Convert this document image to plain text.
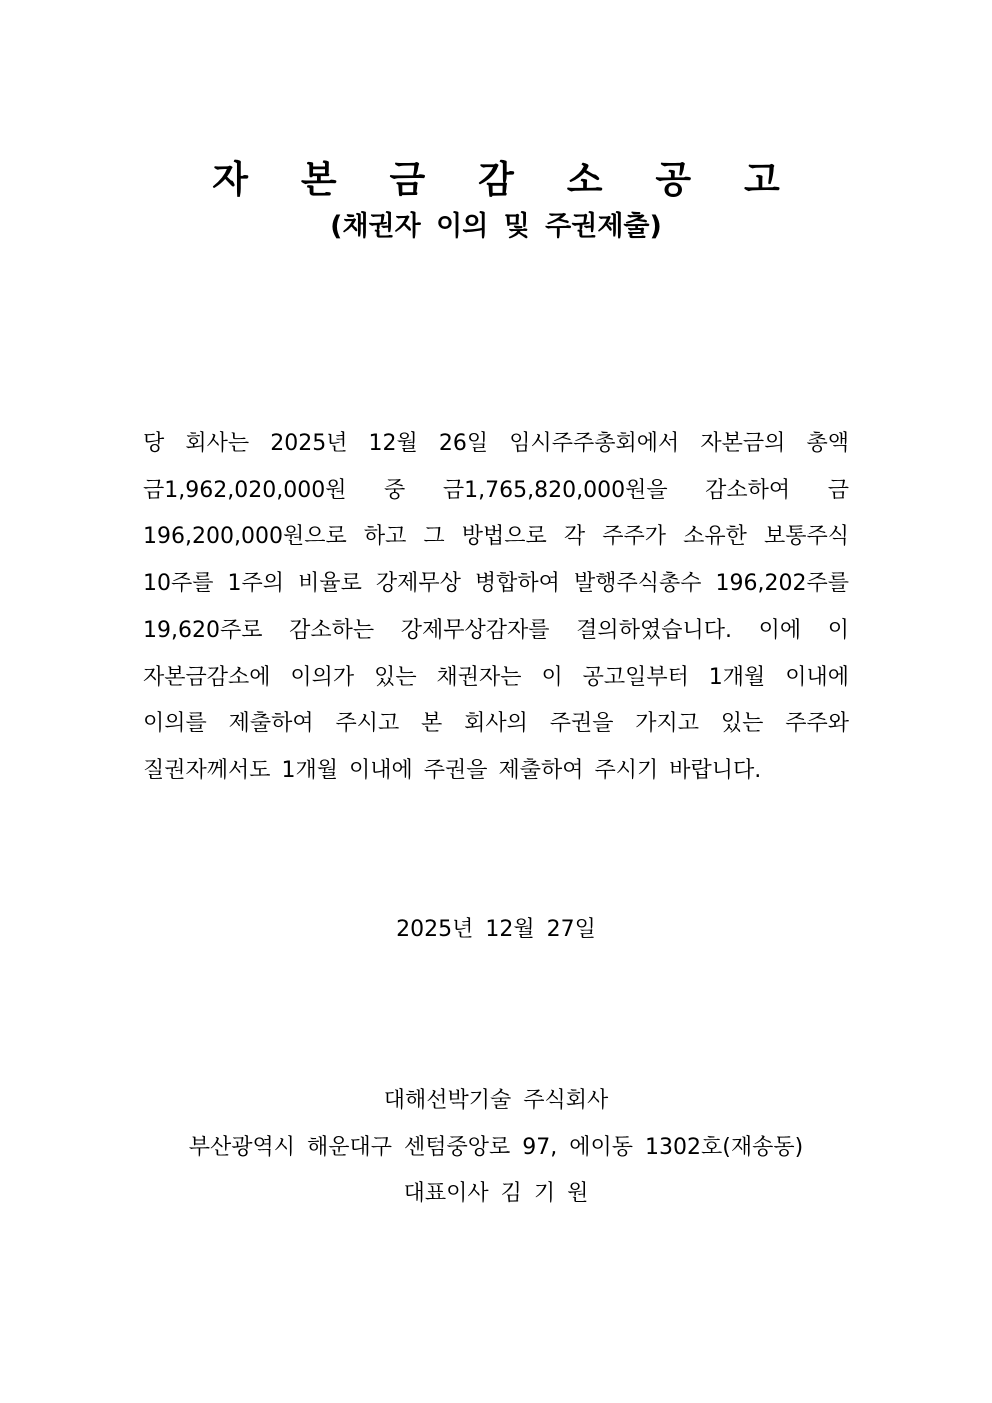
자 본 금 감 소 공 고
(채권자 이의 및 주권제출)

당 회사는 2025년 12월 26일 임시주주총회에서 자본금의 총액 금1,962,020,000원 중 금1,765,820,000원을 감소하여 금 196,200,000원으로 하고 그 방법으로 각 주주가 소유한 보통주식 10주를 1주의 비율로 강제무상 병합하여 발행주식총수 196,202주를 19,620주로 감소하는 강제무상감자를 결의하였습니다. 이에 이 자본금감소에 이의가 있는 채권자는 이 공고일부터 1개월 이내에 이의를 제출하여 주시고 본 회사의 주권을 가지고 있는 주주와 질권자께서도 1개월 이내에 주권을 제출하여 주시기 바랍니다.

2025년 12월 27일
대해선박기술 주식회사
부산광역시 해운대구 센텀중앙로 97, 에이동 1302호(재송동)
대표이사 김 기 원
